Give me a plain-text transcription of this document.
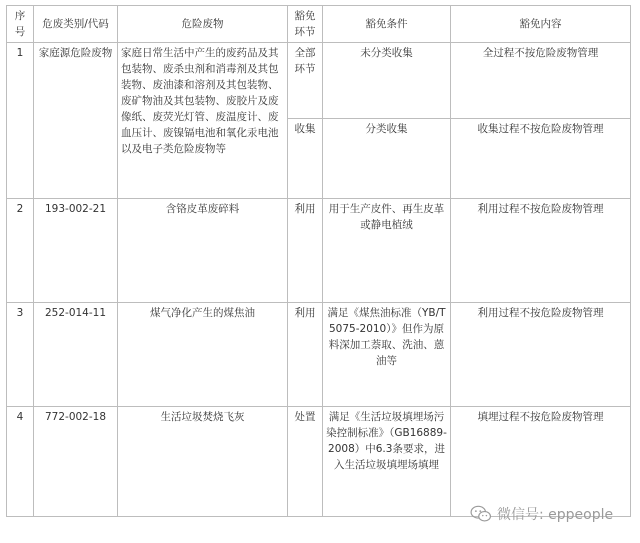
序号	危废类别/代码	危险废物	豁免环节	豁免条件	豁免内容
1	家庭源危险废物	家庭日常生活中产生的废药品及其包装物、废杀虫剂和消毒剂及其包装物、废油漆和溶剂及其包装物、废矿物油及其包装物、废胶片及废像纸、废荧光灯管、废温度计、废血压计、废镍镉电池和氧化汞电池以及电子类危险废物等	全部环节	未分类收集	全过程不按危险废物管理
			收集	分类收集	收集过程不按危险废物管理
2	193-002-21	含铬皮革废碎料	利用	用于生产皮件、再生皮革或静电植绒	利用过程不按危险废物管理
3	252-014-11	煤气净化产生的煤焦油	利用	满足《煤焦油标准（YB/T5075-2010）》但作为原料深加工萘取、洗油、蒽油等	利用过程不按危险废物管理
4	772-002-18	生活垃圾焚烧飞灰	处置	满足《生活垃圾填埋场污染控制标准》（GB16889-2008）中6.3条要求，进入生活垃圾填埋场填埋	填埋过程不按危险废物管理
微信号: eppeople
